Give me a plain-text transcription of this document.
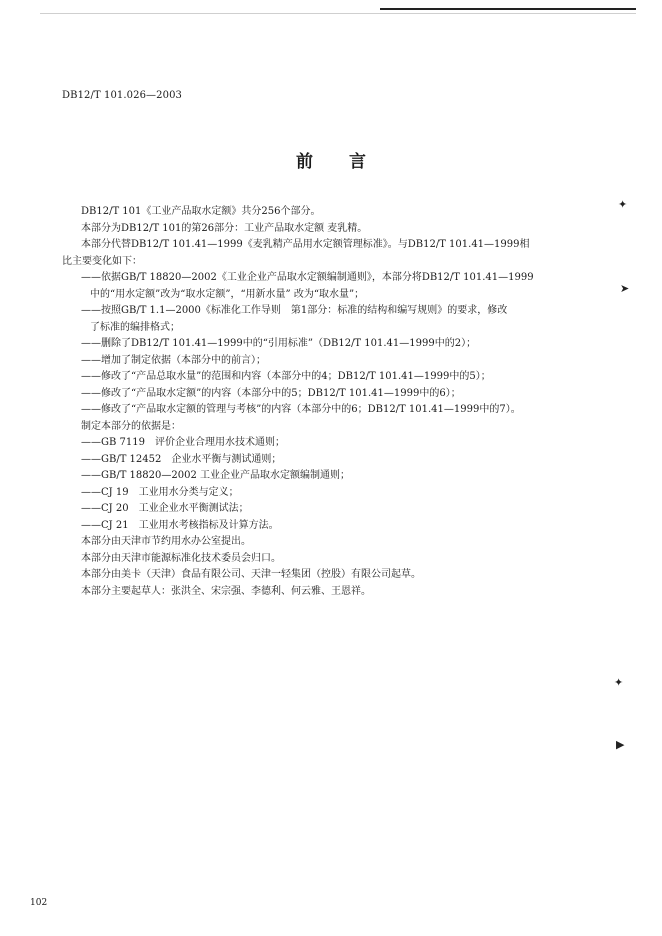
DB12/T 101.026—2003
前 言
DB12/T 101《工业产品取水定额》共分256个部分。
本部分为DB12/T 101的第26部分：工业产品取水定额 麦乳精。
本部分代替DB12/T 101.41—1999《麦乳精产品用水定额管理标准》。与DB12/T 101.41—1999相
比主要变化如下：
——依据GB/T 18820—2002《工业企业产品取水定额编制通则》，本部分将DB12/T 101.41—1999
中的“用水定额”改为“取水定额”，“用新水量” 改为“取水量”；
——按照GB/T 1.1—2000《标准化工作导则　第1部分：标准的结构和编写规则》的要求，修改
了标准的编排格式；
——删除了DB12/T 101.41—1999中的“引用标准”（DB12/T 101.41—1999中的2）；
——增加了制定依据（本部分中的前言）；
——修改了“产品总取水量”的范围和内容（本部分中的4；DB12/T 101.41—1999中的5）；
——修改了“产品取水定额”的内容（本部分中的5；DB12/T 101.41—1999中的6）；
——修改了“产品取水定额的管理与考核”的内容（本部分中的6；DB12/T 101.41—1999中的7）。
制定本部分的依据是：
——GB 7119　评价企业合理用水技术通则；
——GB/T 12452　企业水平衡与测试通则；
——GB/T 18820—2002 工业企业产品取水定额编制通则；
——CJ 19　工业用水分类与定义；
——CJ 20　工业企业水平衡测试法；
——CJ 21　工业用水考核指标及计算方法。
本部分由天津市节约用水办公室提出。
本部分由天津市能源标准化技术委员会归口。
本部分由美卡（天津）食品有限公司、天津一轻集团（控股）有限公司起草。
本部分主要起草人：张洪全、宋宗强、李德利、何云雅、王恩祥。
102
✦
➤
✦
▶
